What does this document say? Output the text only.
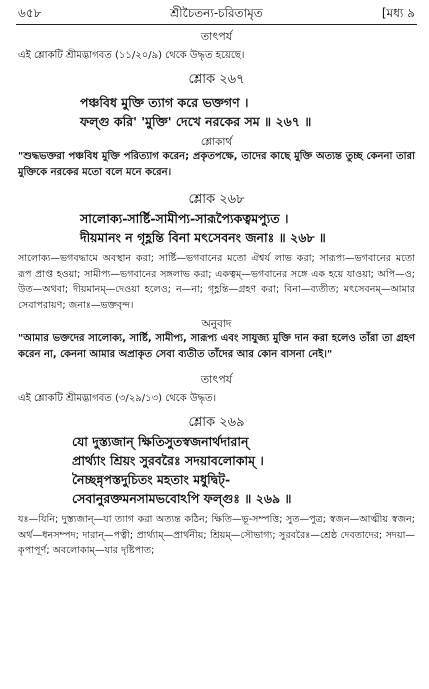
৬৫৮	শ্রীচৈতন্য-চরিতামৃত	[মধ্য ৯

তাৎপর্য

এই শ্লোকটি শ্রীমদ্ভাগবত (১১/২০/৯) থেকে উদ্ধৃত হয়েছে।

শ্লোক ২৬৭

পঞ্চবিধ মুক্তি ত্যাগ করে ভক্তগণ ।

ফল্গু করি' 'মুক্তি' দেখে নরকের সম ॥ ২৬৭ ॥

শ্লোকার্থ

"শুদ্ধভক্তরা পঞ্চবিধ মুক্তি পরিত্যাগ করেন; প্রকৃতপক্ষে, তাদের কাছে মুক্তি অত্যন্ত তুচ্ছ কেননা তারা মুক্তিকে নরকের মতো বলে মনে করেন।

শ্লোক ২৬৮

সালোক্য-সার্ষ্টি-সামীপ্য-সারূপ্যৈকত্বমপ্যুত ।

দীয়মানং ন গৃহ্ণন্তি বিনা মৎসেবনং জনাঃ ॥ ২৬৮ ॥

সালোক্য—ভগবদ্ধামে অবস্থান করা; সার্ষ্টি—ভগবানের মতো ঐশ্বর্য লাভ করা; সারূপ্য—ভগবানের মতো রূপ প্রাপ্ত হওয়া; সামীপ্য—ভগবানের সঙ্গলাভ করা; একত্বম্—ভগবানের সঙ্গে এক হয়ে যাওয়া; অপি—ও; উত—অথবা; দীয়মানম্—দেওয়া হলেও; ন—না; গৃহ্ণন্তি—গ্রহণ করা; বিনা—ব্যতীত; মৎসেবনম্—আমার সেবাপরায়ণ; জনাঃ—ভক্তবৃন্দ।

অনুবাদ

"আমার ভক্তদের সালোক্য, সার্ষ্টি, সামীপ্য, সারূপ্য এবং সাযুজ্য মুক্তি দান করা হলেও তাঁরা তা গ্রহণ করেন না, কেননা আমার অপ্রাকৃত সেবা ব্যতীত তাঁদের আর কোন বাসনা নেই।"

তাৎপর্য

এই শ্লোকটি শ্রীমদ্ভাগবত (৩/২৯/১৩) থেকে উদ্ধৃত।

শ্লোক ২৬৯

যো দুস্ত্যজান্ ক্ষিতিসুতস্বজনার্থদারান্

প্রার্থ্যাং শ্রিয়ং সুরবরৈঃ সদয়াবলোকাম্ ।

নৈচ্ছন্নৃপস্তদুচিতং মহতাং মধুদ্বিট্-

সেবানুরক্তমনসামভবোঽপি ফল্গুঃ ॥ ২৬৯ ॥

যঃ—যিনি; দুস্ত্যজান্—যা ত্যাগ করা অত্যন্ত কঠিন; ক্ষিতি—ভূ-সম্পত্তি; সুত—পুত্র; স্বজন—আত্মীয় স্বজন; অর্থ—ধনসম্পদ; দারান্—পত্নী; প্রার্থ্যাম্—প্রার্থনীয়; শ্রিয়ম্—সৌভাগ্য; সুরবরৈঃ—শ্রেষ্ঠ দেবতাদের; সদয়া—কৃপাপূর্ণ; অবলোকাম্—যার দৃষ্টিপাত;
